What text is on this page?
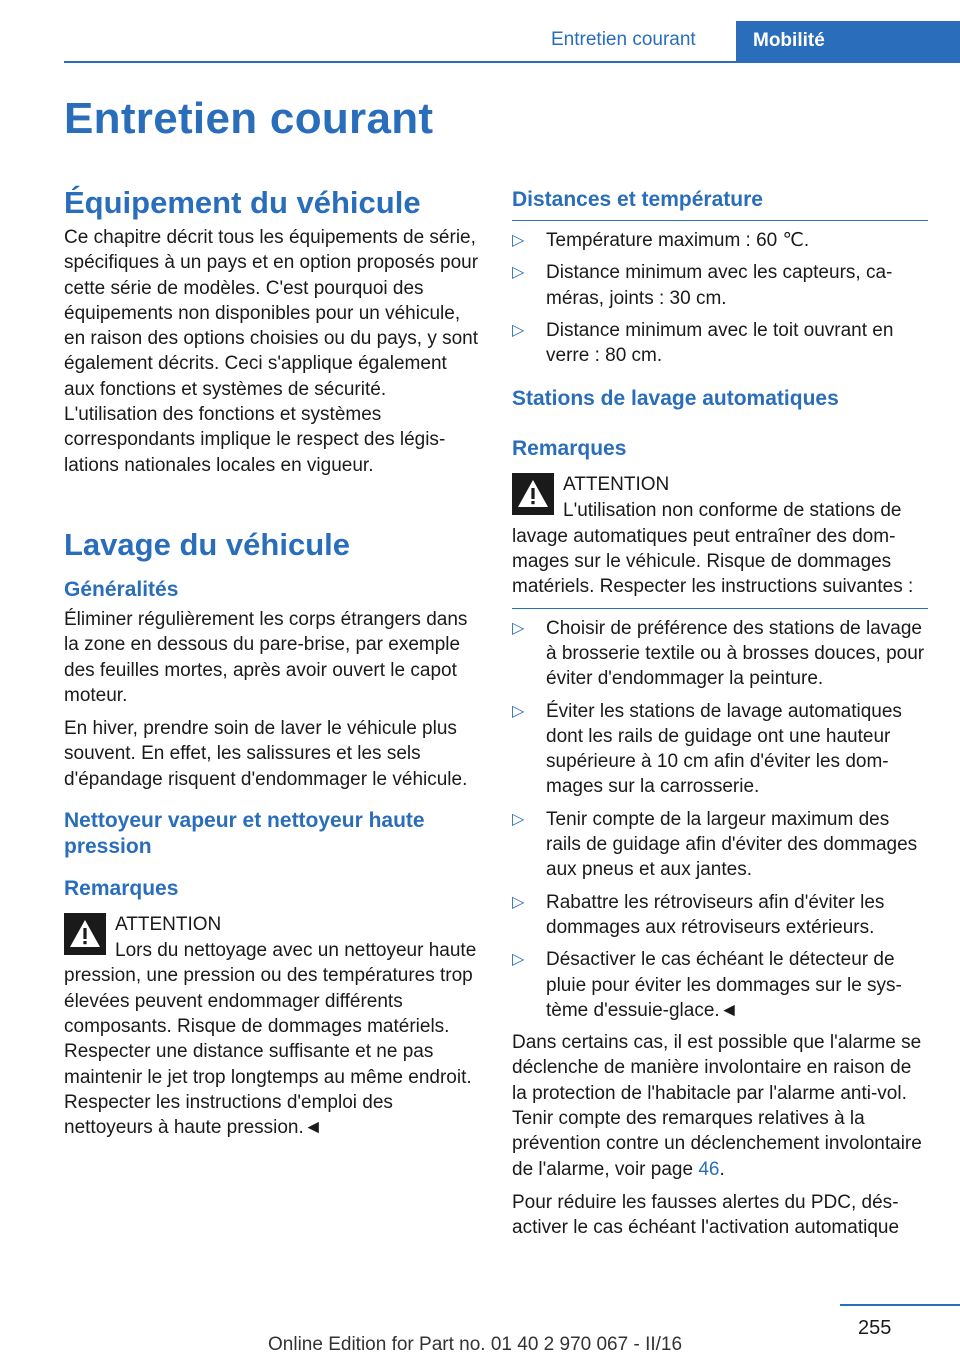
Entretien courant	Mobilité
Entretien courant
Équipement du véhicule

Ce chapitre décrit tous les équipements de série, spécifiques à un pays et en option proposés pour cette série de modèles. C'est pourquoi des équipements non disponibles pour un véhicule, en raison des options choisies ou du pays, y sont également décrits. Ceci s'applique également aux fonctions et systèmes de sécurité. L'utilisation des fonctions et systèmes correspondants implique le respect des législations nationales locales en vigueur.

Lavage du véhicule
Généralités

Éliminer régulièrement les corps étrangers dans la zone en dessous du pare-brise, par exemple des feuilles mortes, après avoir ouvert le capot moteur.

En hiver, prendre soin de laver le véhicule plus souvent. En effet, les salissures et les sels d'épandage risquent d'endommager le véhicule.

Nettoyeur vapeur et nettoyeur haute pression
Remarques
ATTENTION

Lors du nettoyage avec un nettoyeur haute pression, une pression ou des températures trop élevées peuvent endommager différents composants. Risque de dommages matériels. Respecter une distance suffisante et ne pas maintenir le jet trop longtemps au même endroit. Respecter les instructions d'emploi des nettoyeurs à haute pression.◄

Distances et température
▷ Température maximum : 60 ℃.
▷ Distance minimum avec les capteurs, caméras, joints : 30 cm.
▷ Distance minimum avec le toit ouvrant en verre : 80 cm.
Stations de lavage automatiques
Remarques
ATTENTION

L'utilisation non conforme de stations de lavage automatiques peut entraîner des dommages sur le véhicule. Risque de dommages matériels. Respecter les instructions suivantes :

▷ Choisir de préférence des stations de lavage à brosserie textile ou à brosses douces, pour éviter d'endommager la peinture.
▷ Éviter les stations de lavage automatiques dont les rails de guidage ont une hauteur supérieure à 10 cm afin d'éviter les dommages sur la carrosserie.
▷ Tenir compte de la largeur maximum des rails de guidage afin d'éviter des dommages aux pneus et aux jantes.
▷ Rabattre les rétroviseurs afin d'éviter les dommages aux rétroviseurs extérieurs.
▷ Désactiver le cas échéant le détecteur de pluie pour éviter les dommages sur le système d'essuie-glace.◄

Dans certains cas, il est possible que l'alarme se déclenche de manière involontaire en raison de la protection de l'habitacle par l'alarme anti-vol. Tenir compte des remarques relatives à la prévention contre un déclenchement involontaire de l'alarme, voir page 46.

Pour réduire les fausses alertes du PDC, désactiver le cas échéant l'activation automatique

255
Online Edition for Part no. 01 40 2 970 067 - II/16
